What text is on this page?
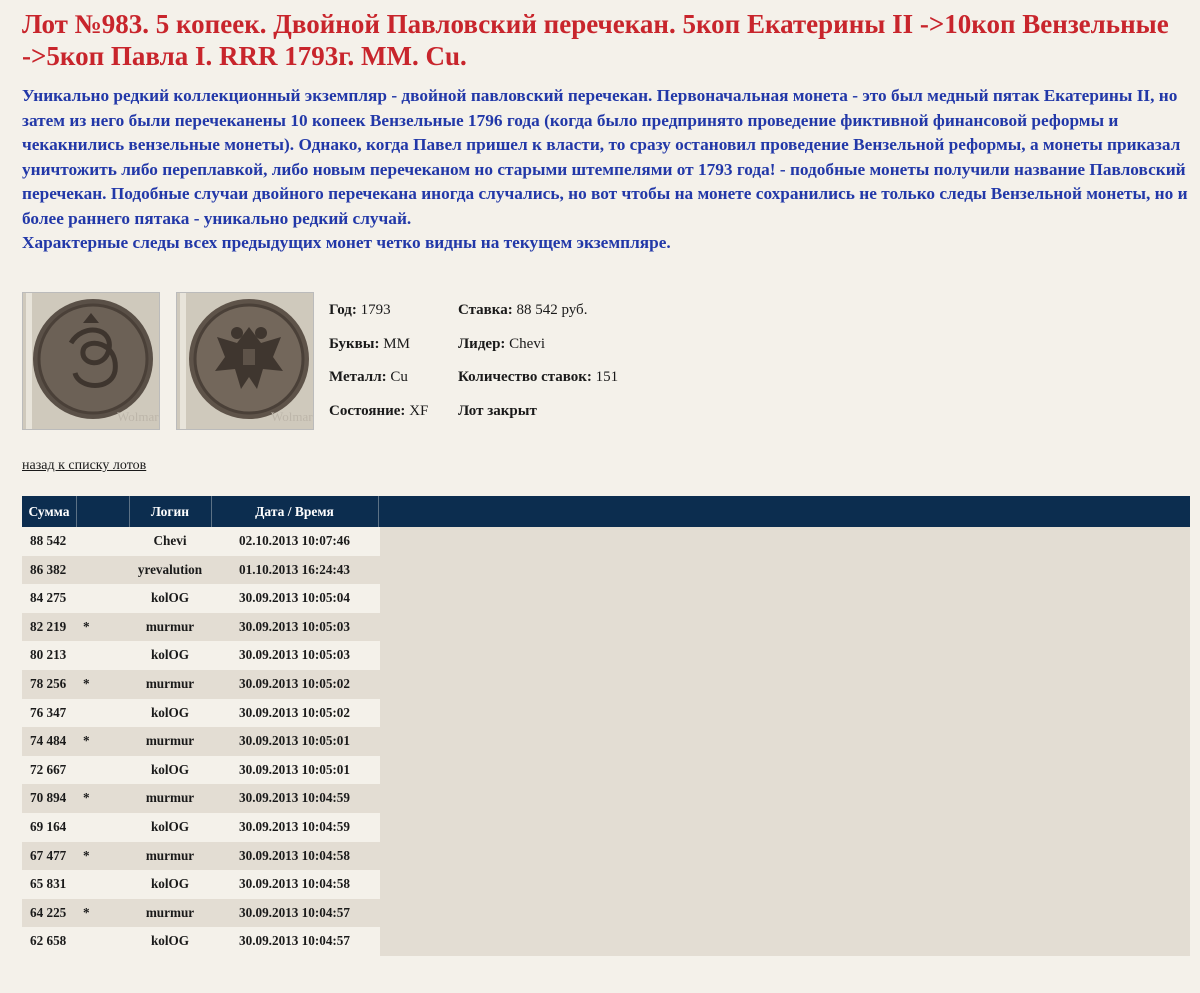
Лот №983. 5 копеек. Двойной Павловский перечекан. 5коп Екатерины II ->10коп Вензельные ->5коп Павла I. RRR 1793г. ММ. Cu.

Уникально редкий коллекционный экземпляр - двойной павловский перечекан. Первоначальная монета - это был медный пятак Екатерины II, но затем из него были перечеканены 10 копеек Вензельные 1796 года (когда было предпринято проведение фиктивной финансовой реформы и чекакнились вензельные монеты). Однако, когда Павел пришел к власти, то сразу остановил проведение Вензельной реформы, а монеты приказал уничтожить либо переплавкой, либо новым перечеканом но старыми штемпелями от 1793 года! - подобные монеты получили название Павловский перечекан. Подобные случаи двойного перечекана иногда случались, но вот чтобы на монете сохранились не только следы Вензельной монеты, но и более раннего пятака - уникально редкий случай.

Характерные следы всех предыдущих монет четко видны на текущем экземпляре.

Wolmar	Wolmar
Год: 1793
Буквы: ММ
Металл: Cu
Состояние: XF
Ставка: 88 542 руб.
Лидер: Chevi
Количество ставок: 151
Лот закрыт
назад к списку лотов
Сумма	Логин	Дата / Время
88 542	Chevi	02.10.2013 10:07:46
86 382	yrevalution	01.10.2013 16:24:43
84 275	kolOG	30.09.2013 10:05:04
82 219 *	murmur	30.09.2013 10:05:03
80 213	kolOG	30.09.2013 10:05:03
78 256 *	murmur	30.09.2013 10:05:02
76 347	kolOG	30.09.2013 10:05:02
74 484 *	murmur	30.09.2013 10:05:01
72 667	kolOG	30.09.2013 10:05:01
70 894 *	murmur	30.09.2013 10:04:59
69 164	kolOG	30.09.2013 10:04:59
67 477 *	murmur	30.09.2013 10:04:58
65 831	kolOG	30.09.2013 10:04:58
64 225 *	murmur	30.09.2013 10:04:57
62 658	kolOG	30.09.2013 10:04:57
